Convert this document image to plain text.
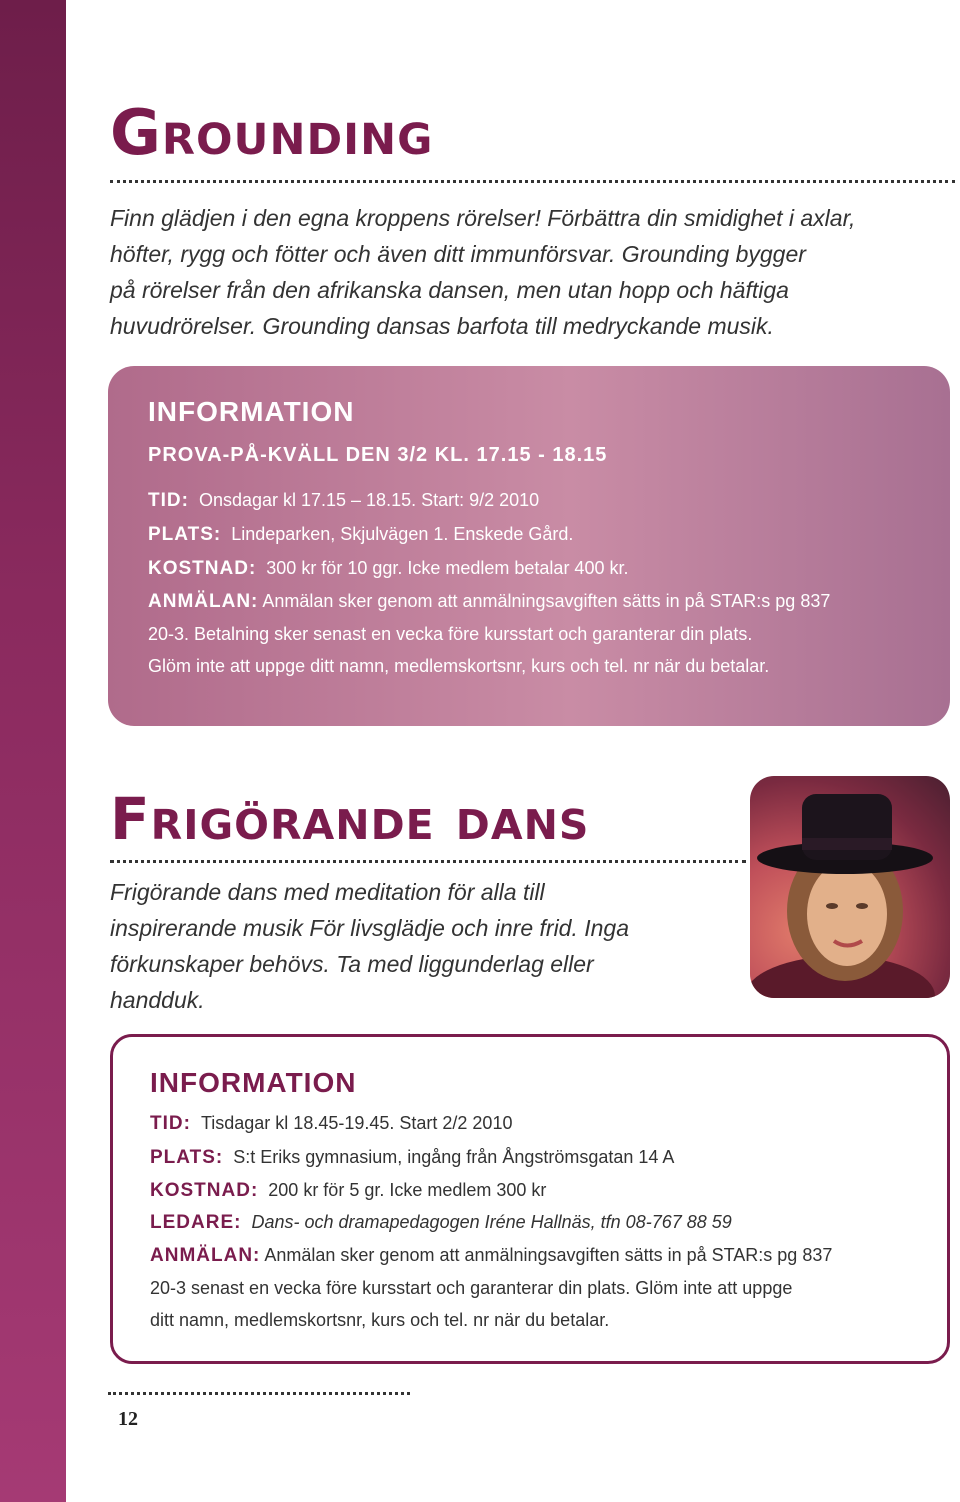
Grounding

Finn glädjen i den egna kroppens rörelser! Förbättra din smidighet i axlar,

höfter, rygg och fötter och även ditt immunförsvar. Grounding bygger

på rörelser från den afrikanska dansen, men utan hopp och häftiga

huvudrörelser. Grounding dansas barfota till medryckande musik.

INFORMATION

PROVA-PÅ-KVÄLL DEN 3/2 KL. 17.15 - 18.15

TID: Onsdagar kl 17.15 – 18.15. Start: 9/2 2010

PLATS: Lindeparken, Skjulvägen 1. Enskede Gård.

KOSTNAD: 300 kr för 10 ggr. Icke medlem betalar 400 kr.

ANMÄLAN: Anmälan sker genom att anmälningsavgiften sätts in på STAR:s pg 837

20-3. Betalning sker senast en vecka före kursstart och garanterar din plats.

Glöm inte att uppge ditt namn, medlemskortsnr, kurs och tel. nr när du betalar.

Frigörande dans

Frigörande dans med meditation för alla till

inspirerande musik För livsglädje och inre frid. Inga

förkunskaper behövs. Ta med liggunderlag eller

handduk.

INFORMATION

TID: Tisdagar kl 18.45-19.45. Start 2/2 2010

PLATS: S:t Eriks gymnasium, ingång från Ångströmsgatan 14 A

KOSTNAD: 200 kr för 5 gr. Icke medlem 300 kr

LEDARE: Dans- och dramapedagogen Iréne Hallnäs, tfn 08-767 88 59

ANMÄLAN: Anmälan sker genom att anmälningsavgiften sätts in på STAR:s pg 837

20-3 senast en vecka före kursstart och garanterar din plats. Glöm inte att uppge

ditt namn, medlemskortsnr, kurs och tel. nr när du betalar.

12
